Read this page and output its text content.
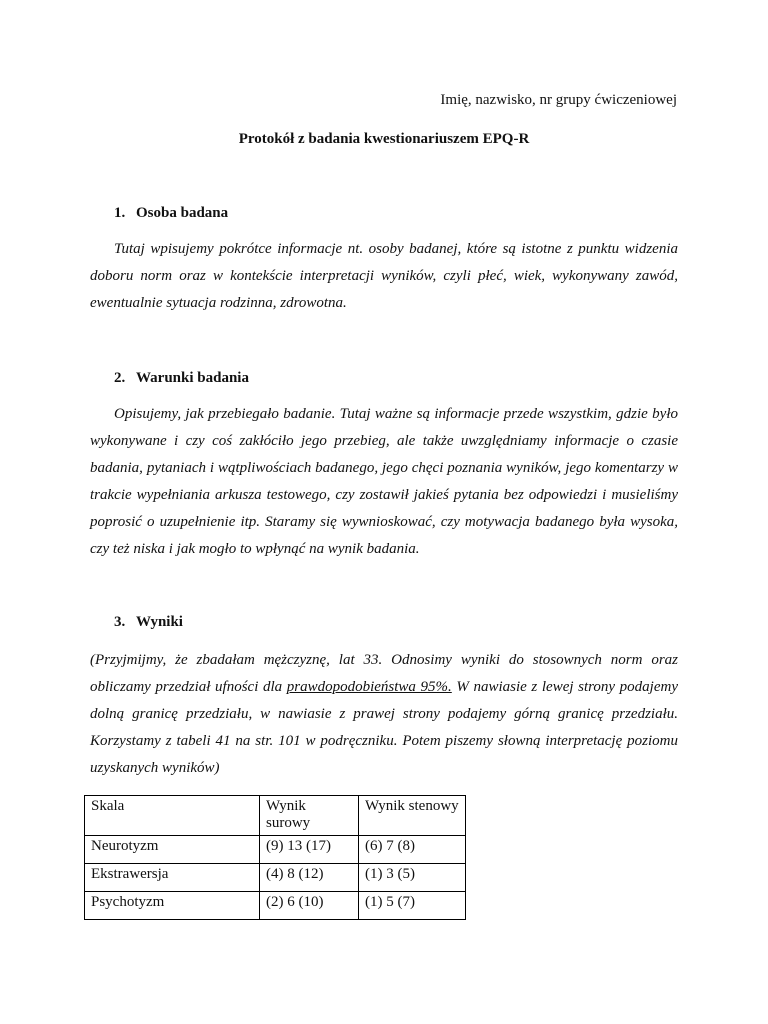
Imię, nazwisko, nr grupy ćwiczeniowej
Protokół z badania kwestionariuszem EPQ-R
1. Osoba badana
Tutaj wpisujemy pokrótce informacje nt. osoby badanej, które są istotne z punktu widzenia doboru norm oraz w kontekście interpretacji wyników, czyli płeć, wiek, wykonywany zawód, ewentualnie sytuacja rodzinna, zdrowotna.
2. Warunki badania
Opisujemy, jak przebiegało badanie. Tutaj ważne są informacje przede wszystkim, gdzie było wykonywane i czy coś zakłóciło jego przebieg, ale także uwzględniamy informacje o czasie badania, pytaniach i wątpliwościach badanego, jego chęci poznania wyników, jego komentarzy w trakcie wypełniania arkusza testowego, czy zostawił jakieś pytania bez odpowiedzi i musieliśmy poprosić o uzupełnienie itp. Staramy się wywnioskować, czy motywacja badanego była wysoka, czy też niska i jak mogło to wpłynąć na wynik badania.
3. Wyniki
(Przyjmijmy, że zbadałam mężczyznę, lat 33. Odnosimy wyniki do stosownych norm oraz obliczamy przedział ufności dla prawdopodobieństwa 95%. W nawiasie z lewej strony podajemy dolną granicę przedziału, w nawiasie z prawej strony podajemy górną granicę przedziału. Korzystamy z tabeli 41 na str. 101 w podręczniku. Potem piszemy słowną interpretację poziomu uzyskanych wyników)
Skala	Wynik surowy	Wynik stenowy
Neurotyzm	(9) 13 (17)	(6) 7 (8)
Ekstrawersja	(4) 8 (12)	(1) 3 (5)
Psychotyzm	(2) 6 (10)	(1) 5 (7)
